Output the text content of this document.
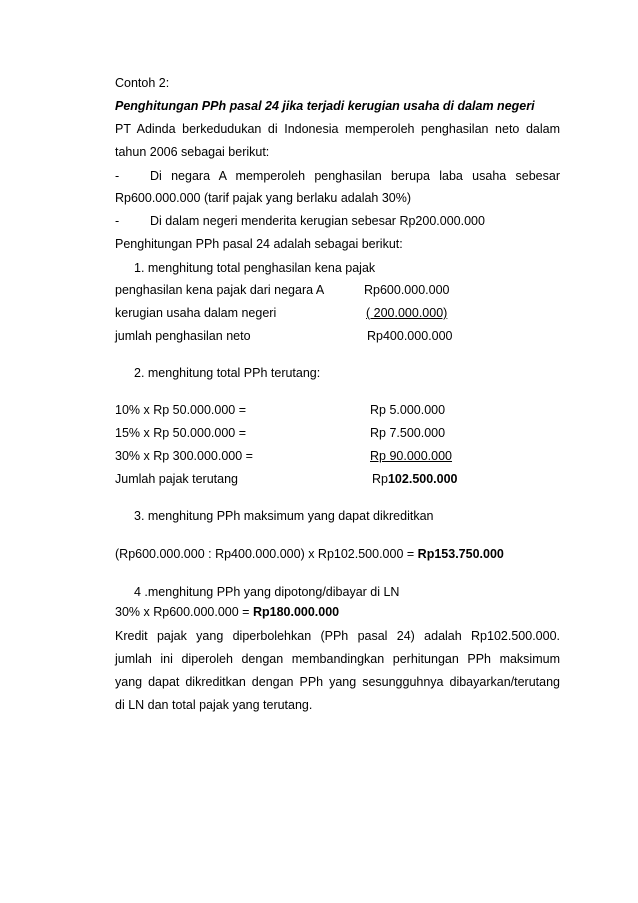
Contoh 2:
Penghitungan PPh pasal 24 jika terjadi kerugian usaha di dalam negeri
PT Adinda berkedudukan di Indonesia memperoleh penghasilan neto dalam
tahun 2006 sebagai berikut:
- Di negara A memperoleh penghasilan berupa laba usaha sebesar
Rp600.000.000 (tarif pajak yang berlaku adalah 30%)
- Di dalam negeri menderita kerugian sebesar Rp200.000.000
Penghitungan PPh pasal 24 adalah sebagai berikut:
1. menghitung total penghasilan kena pajak
penghasilan kena pajak dari negara A	Rp600.000.000
kerugian usaha dalam negeri	( 200.000.000)
jumlah penghasilan neto	Rp400.000.000
2. menghitung total PPh terutang:
10% x Rp 50.000.000 =	Rp 5.000.000
15% x Rp 50.000.000 =	Rp 7.500.000
30% x Rp 300.000.000 =	Rp 90.000.000
Jumlah pajak terutang	Rp102.500.000
3. menghitung PPh maksimum yang dapat dikreditkan
(Rp600.000.000 : Rp400.000.000) x Rp102.500.000 = Rp153.750.000
4 .menghitung PPh yang dipotong/dibayar di LN
30% x Rp600.000.000 = Rp180.000.000
Kredit pajak yang diperbolehkan (PPh pasal 24) adalah Rp102.500.000.
jumlah ini diperoleh dengan membandingkan perhitungan PPh maksimum
yang dapat dikreditkan dengan PPh yang sesungguhnya dibayarkan/terutang
di LN dan total pajak yang terutang.
